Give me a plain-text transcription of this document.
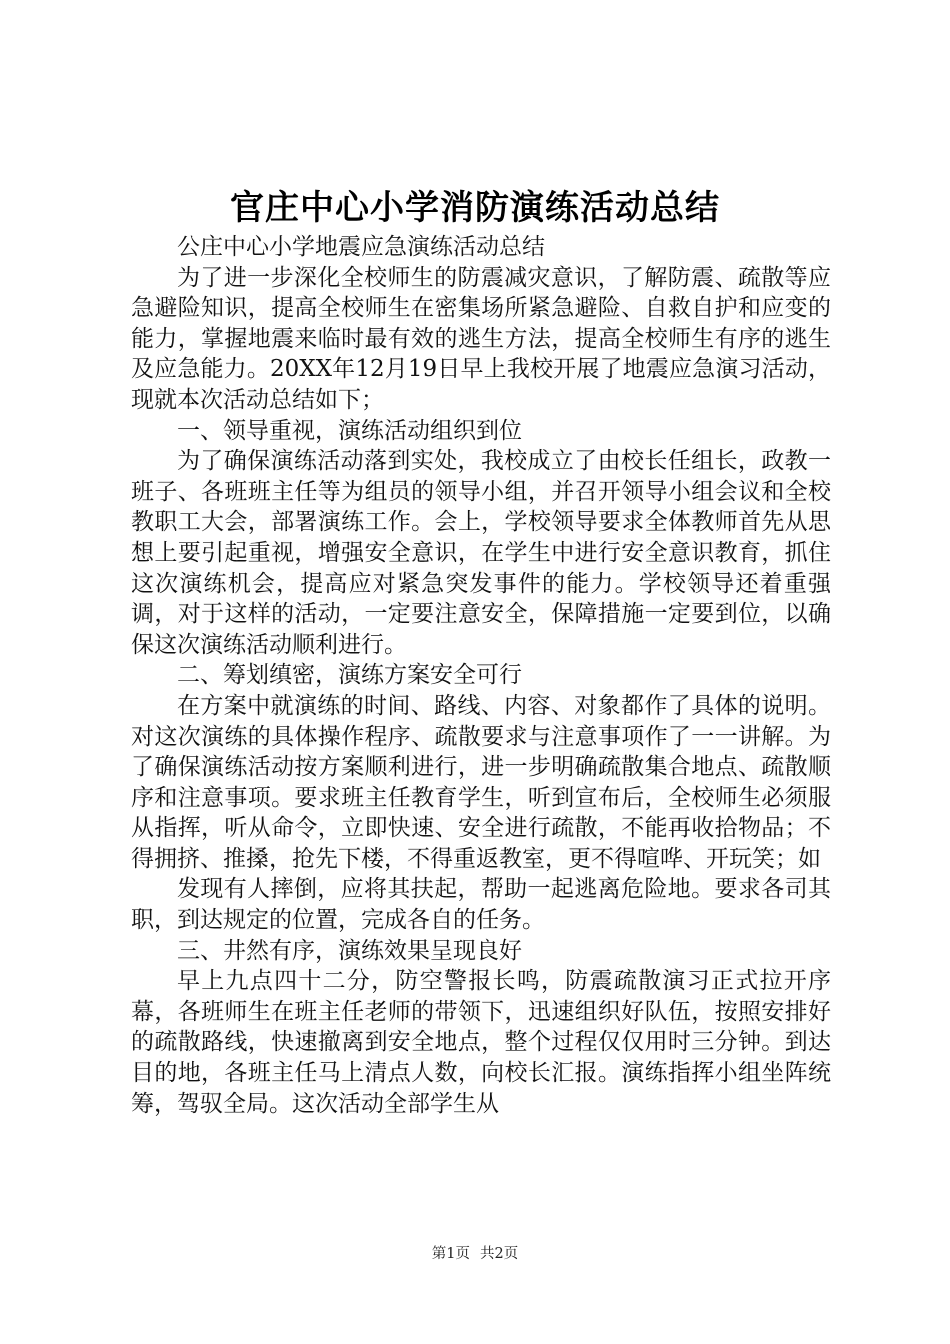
官庄中心小学消防演练活动总结

公庄中心小学地震应急演练活动总结

为了进一步深化全校师生的防震减灾意识，了解防震、疏散等应急避险知识，提高全校师生在密集场所紧急避险、自救自护和应变的能力，掌握地震来临时最有效的逃生方法，提高全校师生有序的逃生及应急能力。20XX年12月19日早上我校开展了地震应急演习活动，现就本次活动总结如下；

一、领导重视，演练活动组织到位

为了确保演练活动落到实处，我校成立了由校长任组长，政教一班子、各班班主任等为组员的领导小组，并召开领导小组会议和全校教职工大会，部署演练工作。会上，学校领导要求全体教师首先从思想上要引起重视，增强安全意识，在学生中进行安全意识教育，抓住这次演练机会，提高应对紧急突发事件的能力。学校领导还着重强调，对于这样的活动，一定要注意安全，保障措施一定要到位，以确保这次演练活动顺利进行。

二、筹划缜密，演练方案安全可行

在方案中就演练的时间、路线、内容、对象都作了具体的说明。对这次演练的具体操作程序、疏散要求与注意事项作了一一讲解。为了确保演练活动按方案顺利进行，进一步明确疏散集合地点、疏散顺序和注意事项。要求班主任教育学生，听到宣布后，全校师生必须服从指挥，听从命令，立即快速、安全进行疏散，不能再收拾物品；不得拥挤、推搡，抢先下楼，不得重返教室，更不得喧哗、开玩笑；如

发现有人摔倒，应将其扶起，帮助一起逃离危险地。要求各司其职，到达规定的位置，完成各自的任务。

三、井然有序，演练效果呈现良好

早上九点四十二分，防空警报长鸣，防震疏散演习正式拉开序幕，各班师生在班主任老师的带领下，迅速组织好队伍，按照安排好的疏散路线，快速撤离到安全地点，整个过程仅仅用时三分钟。到达目的地，各班主任马上清点人数，向校长汇报。演练指挥小组坐阵统筹，驾驭全局。这次活动全部学生从

第1页 共2页
